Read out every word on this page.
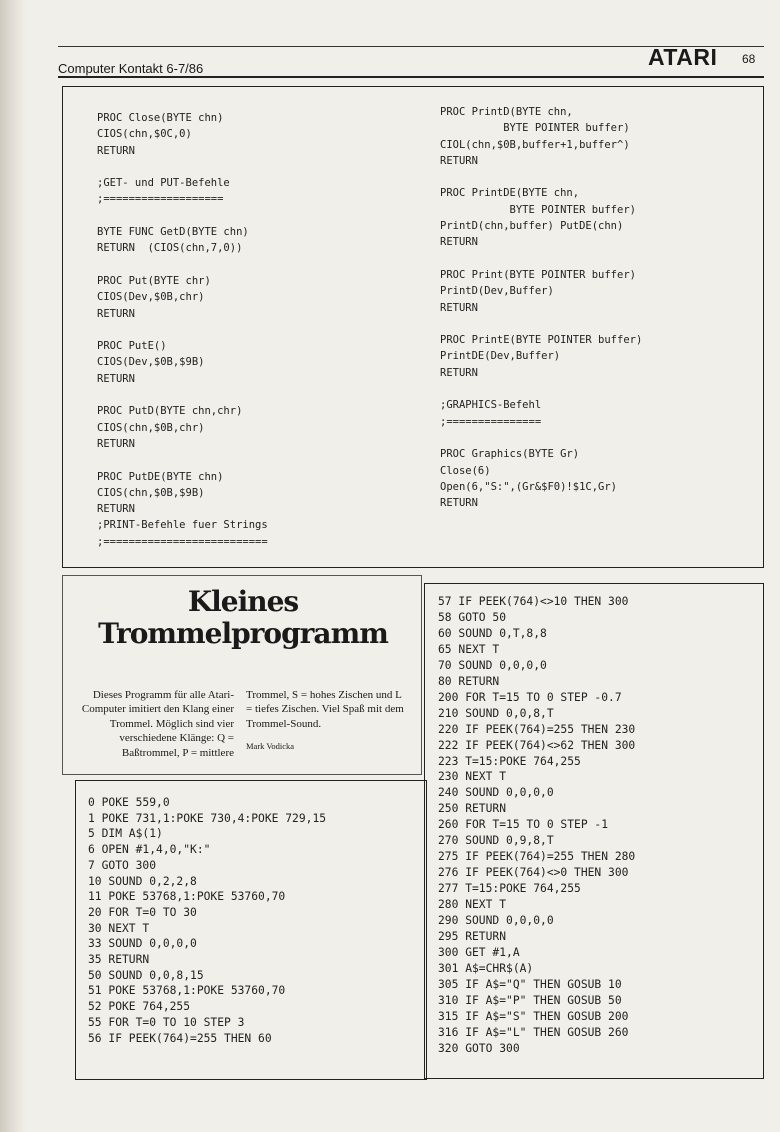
Computer Kontakt 6-7/86	ATARI 68
PROC Close(BYTE chn)
CIOS(chn,$0C,0)
RETURN

;GET- und PUT-Befehle
;===================

BYTE FUNC GetD(BYTE chn)
RETURN  (CIOS(chn,7,0))

PROC Put(BYTE chr)
CIOS(Dev,$0B,chr)
RETURN

PROC PutE()
CIOS(Dev,$0B,$9B)
RETURN

PROC PutD(BYTE chn,chr)
CIOS(chn,$0B,chr)
RETURN

PROC PutDE(BYTE chn)
CIOS(chn,$0B,$9B)
RETURN
;PRINT-Befehle fuer Strings
;==========================
PROC PrintD(BYTE chn,
BYTE POINTER buffer)
CIOL(chn,$0B,buffer+1,buffer^)
RETURN

PROC PrintDE(BYTE chn,
BYTE POINTER buffer)
PrintD(chn,buffer) PutDE(chn)
RETURN

PROC Print(BYTE POINTER buffer)
PrintD(Dev,Buffer)
RETURN

PROC PrintE(BYTE POINTER buffer)
PrintDE(Dev,Buffer)
RETURN

;GRAPHICS-Befehl
;===============

PROC Graphics(BYTE Gr)
Close(6)
Open(6,"S:",(Gr&$F0)!$1C,Gr)
RETURN
Kleines
Trommelprogramm
Dieses Programm für alle Atari-Computer imitiert den Klang einer Trommel. Möglich sind vier verschiedene Klänge: Q = Baßtrommel, P = mittlere
Trommel, S = hohes Zischen und L = tiefes Zischen. Viel Spaß mit dem Trommel-Sound.
Mark Vodicka
57 IF PEEK(764)<>10 THEN 300
58 GOTO 50
60 SOUND 0,T,8,8
65 NEXT T
70 SOUND 0,0,0,0
80 RETURN
200 FOR T=15 TO 0 STEP -0.7
210 SOUND 0,0,8,T
220 IF PEEK(764)=255 THEN 230
222 IF PEEK(764)<>62 THEN 300
223 T=15:POKE 764,255
230 NEXT T
240 SOUND 0,0,0,0
250 RETURN
260 FOR T=15 TO 0 STEP -1
270 SOUND 0,9,8,T
275 IF PEEK(764)=255 THEN 280
276 IF PEEK(764)<>0 THEN 300
277 T=15:POKE 764,255
280 NEXT T
290 SOUND 0,0,0,0
295 RETURN
300 GET #1,A
301 A$=CHR$(A)
305 IF A$="Q" THEN GOSUB 10
310 IF A$="P" THEN GOSUB 50
315 IF A$="S" THEN GOSUB 200
316 IF A$="L" THEN GOSUB 260
320 GOTO 300
0 POKE 559,0
1 POKE 731,1:POKE 730,4:POKE 729,15
5 DIM A$(1)
6 OPEN #1,4,0,"K:"
7 GOTO 300
10 SOUND 0,2,2,8
11 POKE 53768,1:POKE 53760,70
20 FOR T=0 TO 30
30 NEXT T
33 SOUND 0,0,0,0
35 RETURN
50 SOUND 0,0,8,15
51 POKE 53768,1:POKE 53760,70
52 POKE 764,255
55 FOR T=0 TO 10 STEP 3
56 IF PEEK(764)=255 THEN 60
